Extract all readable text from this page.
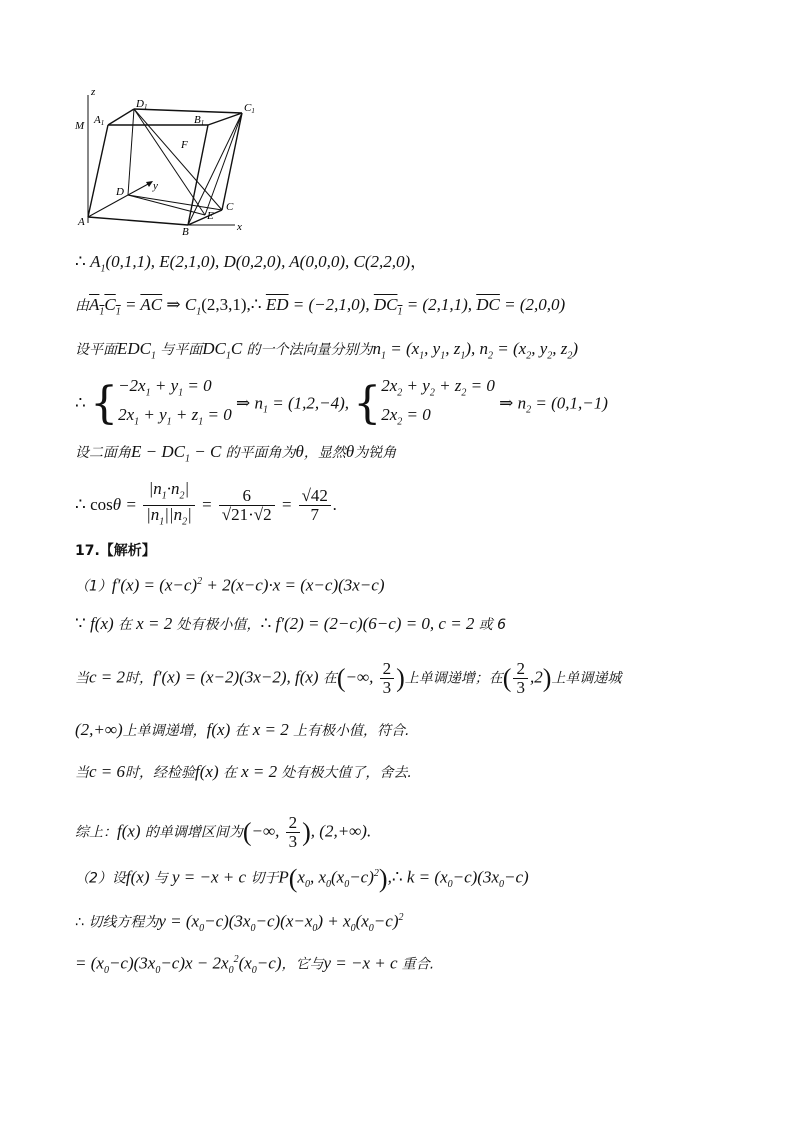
z
M A1
D1
B1
C1
F
D	y
A
B
E
C
x
∴ $A_1(0,1,1)$, E(2,1,0), D(0,2,0), A(0,0,0), C(2,2,0)，
由$A_1C_1 = \overline{AC}$ ⇒ $C_1(2,3,1),\therefore$ $\overline{ED} = (-2,1,0)$, $DC_1 = (2,1,1)$, $\overline{DC} = (2,0,0)$
设平面$EDC_1$ 与平面$DC_1C$ 的一个法向量分别为$n_1 = (x_1$, $y_1$, $z_1$), $n_2 = (x_2$, $y_2$, $z_2$)
∴ {$-2x_1 + y_1 = 0$
$2x_1 + y_1 + z_1 = 0$ ⇒ $n_1 = (1,2,-4)$, {$2x_2 + y_2 + z_2 = 0$
$2x_2 = 0$ ⇒ $n_2 = (0,1,-1)$
设二面角$E - DC_1 - C$ 的平面角为θ，显然θ为锐角
∴ $\cos\theta = \frac{|n_1\cdot n_2|}{|n_1||n_2|} = \frac{6}{√21\cdot√2} = \frac{√42}{7}$ .
17.【解析】
$(1)f'(x) = (x-c)^2 + 2(x-c)\cdot x = (x-c)(3x-c)$
∵ f(x) 在 x = 2 处有极小值，∴ f′(2) = (2−c)(6−c) = 0, c = 2 或 6
当c = 2时，f′(x) = (x−2)(3x−2), f(x) 在(−∞, $\frac{2}{3}$ )上单调递增；在( $\frac{2}{3} ,2$)上单调递城
(2,+∞)上单调递增，f(x) 在 x = 2 上有极小值，符合.
当c = 6时，经检验f(x) 在 x = 2 处有极大值了，舍去.
综上：f(x) 的单调增区间为(−∞, $\frac{2}{3}$ ), (2,+∞).
（2）设f(x) 与 y = −x + c 切于$P(x_0$, $x_0(x_0-c)^2),\therefore$ $k = (x_0-c)(3x_0-c)$
∴ 切线方程为$y = (x_0-c)(3x_0-c)(x-x_0) + x_0(x_0-c)^2$
= $(x_0-c)(3x_0-c)x - 2x_0^2(x_0-c)$，它与y = −x + c 重合.
